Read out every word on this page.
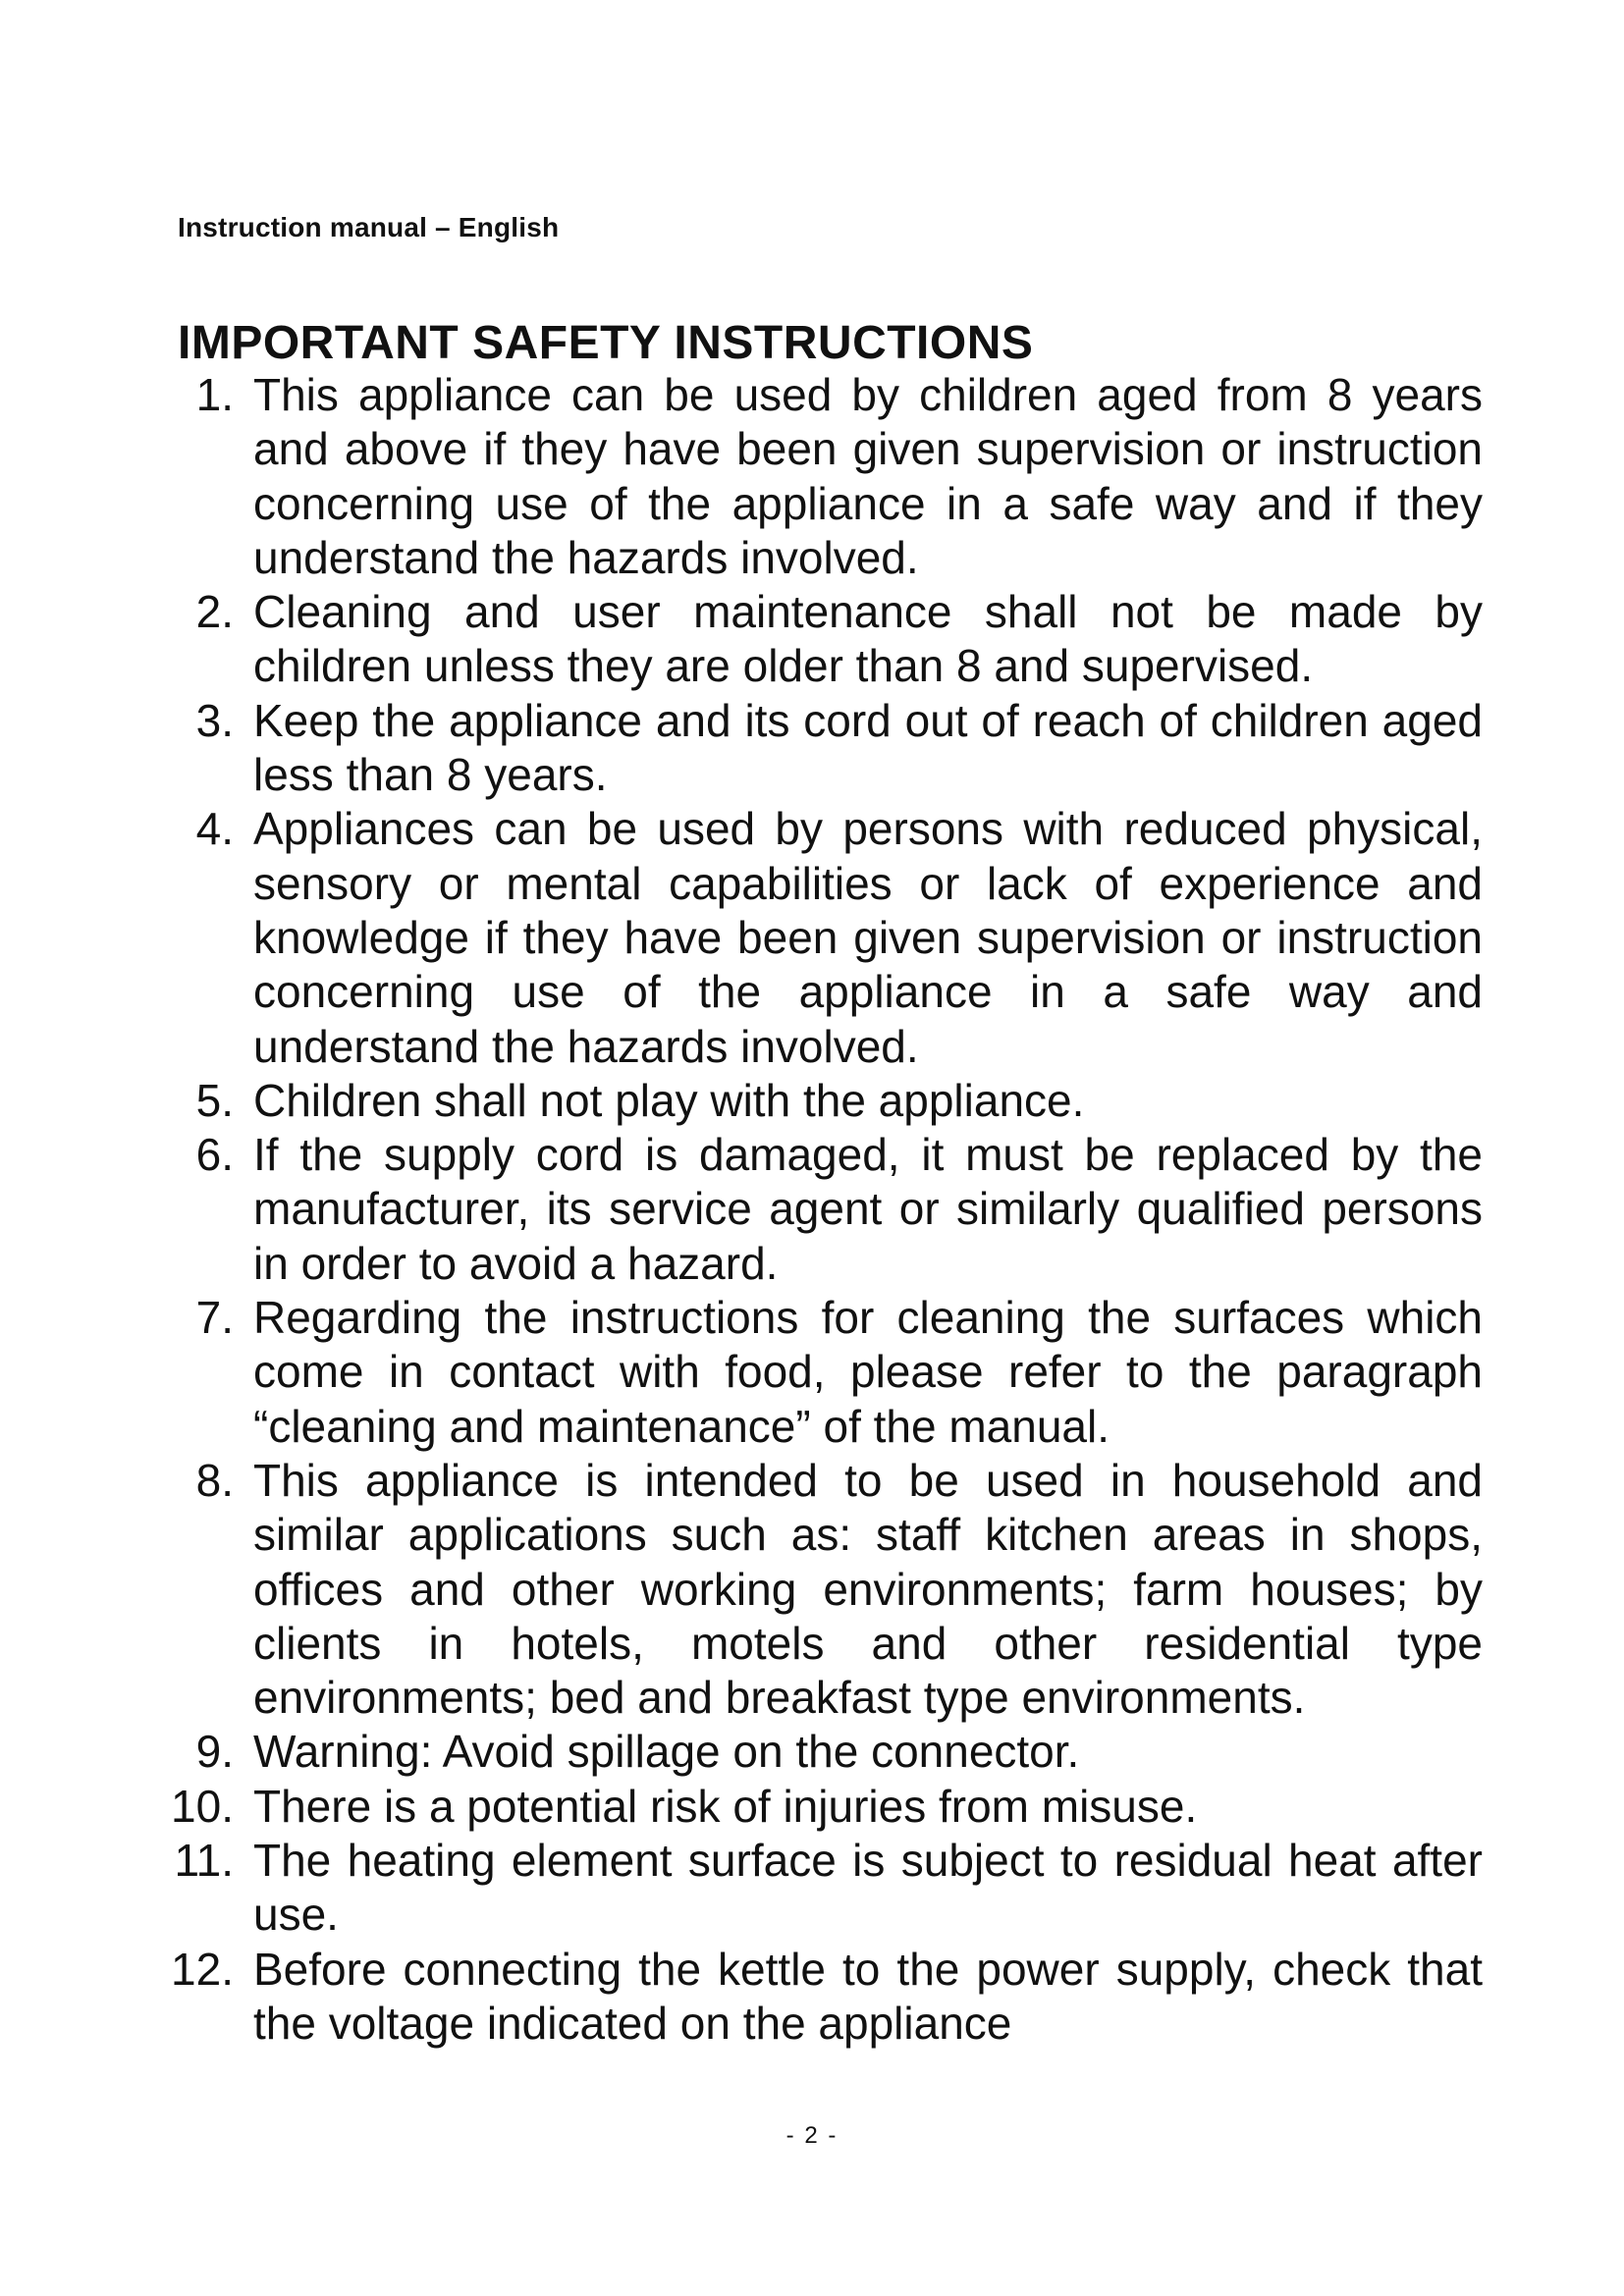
Instruction manual – English
IMPORTANT SAFETY INSTRUCTIONS
1. This appliance can be used by children aged from 8 years and above if they have been given supervision or instruction concerning use of the appliance in a safe way and if they understand the hazards involved.
2. Cleaning and user maintenance shall not be made by children unless they are older than 8 and supervised.
3. Keep the appliance and its cord out of reach of children aged less than 8 years.
4. Appliances can be used by persons with reduced physical, sensory or mental capabilities or lack of experience and knowledge if they have been given supervision or instruction concerning use of the appliance in a safe way and understand the hazards involved.
5. Children shall not play with the appliance.
6. If the supply cord is damaged, it must be replaced by the manufacturer, its service agent or similarly qualified persons in order to avoid a hazard.
7. Regarding the instructions for cleaning the surfaces which come in contact with food, please refer to the paragraph “cleaning and maintenance” of the manual.
8. This appliance is intended to be used in household and similar applications such as: staff kitchen areas in shops, offices and other working environments; farm houses; by clients in hotels, motels and other residential type environments; bed and breakfast type environments.
9. Warning: Avoid spillage on the connector.
10. There is a potential risk of injuries from misuse.
11. The heating element surface is subject to residual heat after use.
12. Before connecting the kettle to the power supply, check that the voltage indicated on the appliance
- 2 -
